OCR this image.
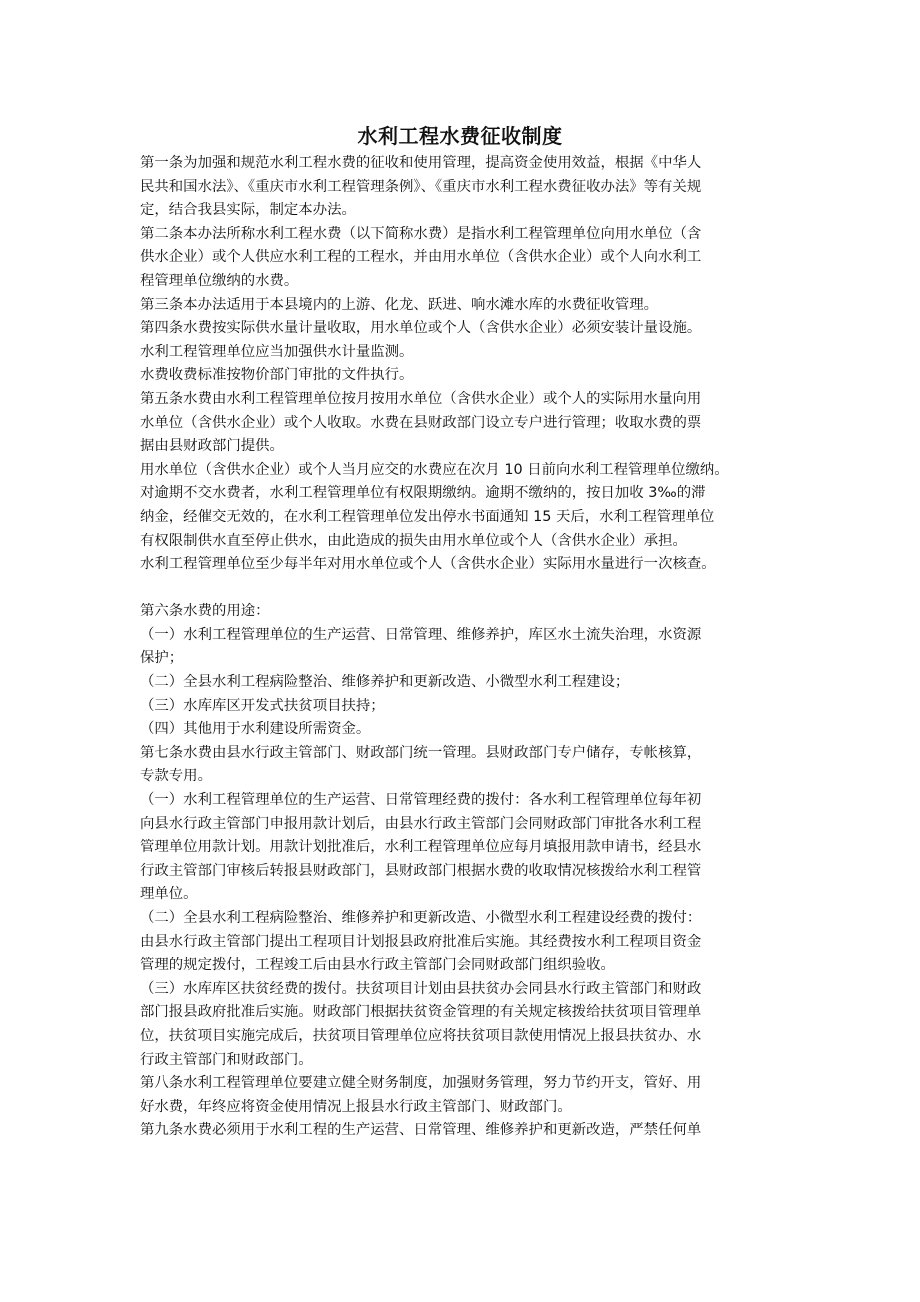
水利工程水费征收制度
第一条为加强和规范水利工程水费的征收和使用管理，提高资金使用效益，根据《中华人
民共和国水法》、《重庆市水利工程管理条例》、《重庆市水利工程水费征收办法》等有关规
定，结合我县实际，制定本办法。
第二条本办法所称水利工程水费（以下简称水费）是指水利工程管理单位向用水单位（含
供水企业）或个人供应水利工程的工程水，并由用水单位（含供水企业）或个人向水利工
程管理单位缴纳的水费。
第三条本办法适用于本县境内的上游、化龙、跃进、响水滩水库的水费征收管理。
第四条水费按实际供水量计量收取，用水单位或个人（含供水企业）必须安装计量设施。
水利工程管理单位应当加强供水计量监测。
水费收费标准按物价部门审批的文件执行。
第五条水费由水利工程管理单位按月按用水单位（含供水企业）或个人的实际用水量向用
水单位（含供水企业）或个人收取。水费在县财政部门设立专户进行管理；收取水费的票
据由县财政部门提供。
用水单位（含供水企业）或个人当月应交的水费应在次月 10 日前向水利工程管理单位缴纳。
对逾期不交水费者，水利工程管理单位有权限期缴纳。逾期不缴纳的，按日加收 3‰的滞
纳金，经催交无效的，在水利工程管理单位发出停水书面通知 15 天后，水利工程管理单位
有权限制供水直至停止供水，由此造成的损失由用水单位或个人（含供水企业）承担。
水利工程管理单位至少每半年对用水单位或个人（含供水企业）实际用水量进行一次核查。
第六条水费的用途：
（一）水利工程管理单位的生产运营、日常管理、维修养护，库区水土流失治理，水资源
保护；
（二）全县水利工程病险整治、维修养护和更新改造、小微型水利工程建设；
（三）水库库区开发式扶贫项目扶持；
（四）其他用于水利建设所需资金。
第七条水费由县水行政主管部门、财政部门统一管理。县财政部门专户储存，专帐核算，
专款专用。
（一）水利工程管理单位的生产运营、日常管理经费的拨付：各水利工程管理单位每年初
向县水行政主管部门申报用款计划后，由县水行政主管部门会同财政部门审批各水利工程
管理单位用款计划。用款计划批准后，水利工程管理单位应每月填报用款申请书，经县水
行政主管部门审核后转报县财政部门，县财政部门根据水费的收取情况核拨给水利工程管
理单位。
（二）全县水利工程病险整治、维修养护和更新改造、小微型水利工程建设经费的拨付：
由县水行政主管部门提出工程项目计划报县政府批准后实施。其经费按水利工程项目资金
管理的规定拨付，工程竣工后由县水行政主管部门会同财政部门组织验收。
（三）水库库区扶贫经费的拨付。扶贫项目计划由县扶贫办会同县水行政主管部门和财政
部门报县政府批准后实施。财政部门根据扶贫资金管理的有关规定核拨给扶贫项目管理单
位，扶贫项目实施完成后，扶贫项目管理单位应将扶贫项目款使用情况上报县扶贫办、水
行政主管部门和财政部门。
第八条水利工程管理单位要建立健全财务制度，加强财务管理，努力节约开支，管好、用
好水费，年终应将资金使用情况上报县水行政主管部门、财政部门。
第九条水费必须用于水利工程的生产运营、日常管理、维修养护和更新改造，严禁任何单
